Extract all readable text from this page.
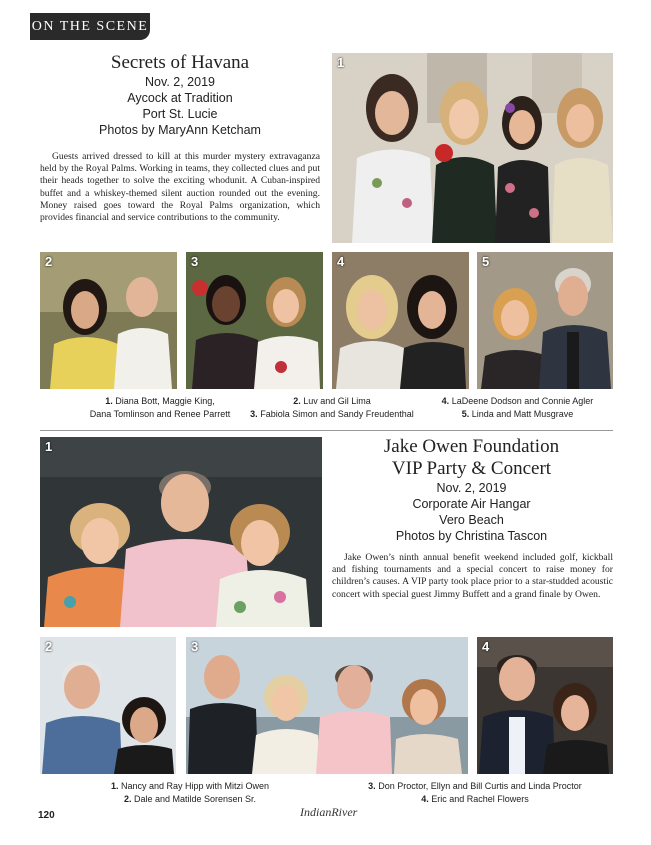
ON THE SCENE
Secrets of Havana
Nov. 2, 2019
Aycock at Tradition
Port St. Lucie
Photos by MaryAnn Ketcham

Guests arrived dressed to kill at this murder mystery extravaganza held by the Royal Palms. Working in teams, they collected clues and put their heads together to solve the exciting whodunit. A Cuban-inspired buffet and a whiskey-themed silent auction rounded out the evening. Money raised goes toward the Royal Palms organization, which provides financial and service contributions to the community.

1
2	3	4	5
1. Diana Bott, Maggie King,
Dana Tomlinson and Renee Parrett
2. Luv and Gil Lima
3. Fabiola Simon and Sandy Freudenthal
4. LaDeene Dodson and Connie Agler
5. Linda and Matt Musgrave
1	Jake Owen Foundation
VIP Party & Concert
Nov. 2, 2019
Corporate Air Hangar
Vero Beach
Photos by Christina Tascon

Jake Owen’s ninth annual benefit weekend included golf, kickball and fishing tournaments and a special concert to raise money for children’s causes. A VIP party took place prior to a star-studded acoustic concert with special guest Jimmy Buffett and a grand finale by Owen.

2	3	4
1. Nancy and Ray Hipp with Mitzi Owen
2. Dale and Matilde Sorensen Sr.
3. Don Proctor, Ellyn and Bill Curtis and Linda Proctor
4. Eric and Rachel Flowers
120	IndianRiver
